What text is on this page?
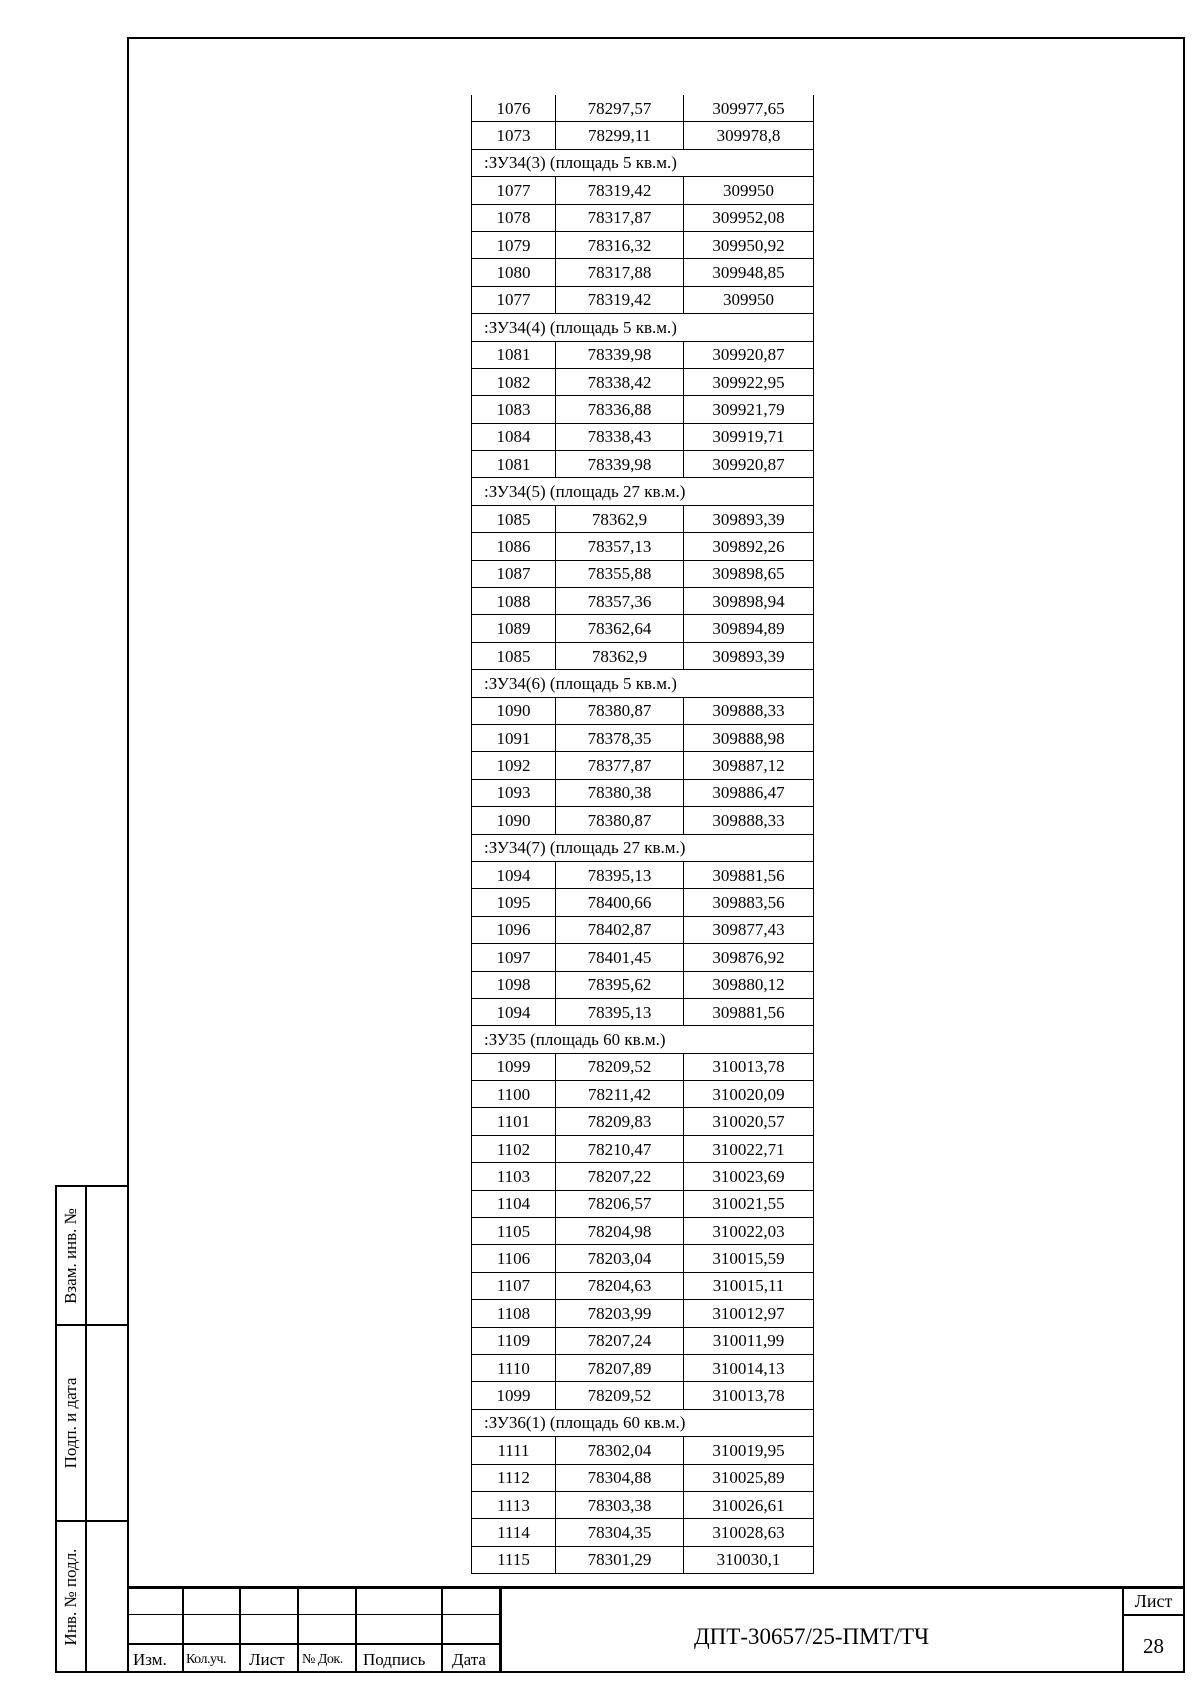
1076	78297,57	309977,65
1073	78299,11	309978,8
:ЗУ34(3) (площадь 5 кв.м.)		
1077	78319,42	309950
1078	78317,87	309952,08
1079	78316,32	309950,92
1080	78317,88	309948,85
1077	78319,42	309950
:ЗУ34(4) (площадь 5 кв.м.)		
1081	78339,98	309920,87
1082	78338,42	309922,95
1083	78336,88	309921,79
1084	78338,43	309919,71
1081	78339,98	309920,87
:ЗУ34(5) (площадь 27 кв.м.)		
1085	78362,9	309893,39
1086	78357,13	309892,26
1087	78355,88	309898,65
1088	78357,36	309898,94
1089	78362,64	309894,89
1085	78362,9	309893,39
:ЗУ34(6) (площадь 5 кв.м.)		
1090	78380,87	309888,33
1091	78378,35	309888,98
1092	78377,87	309887,12
1093	78380,38	309886,47
1090	78380,87	309888,33
:ЗУ34(7) (площадь 27 кв.м.)		
1094	78395,13	309881,56
1095	78400,66	309883,56
1096	78402,87	309877,43
1097	78401,45	309876,92
1098	78395,62	309880,12
1094	78395,13	309881,56
:ЗУ35 (площадь 60 кв.м.)		
1099	78209,52	310013,78
1100	78211,42	310020,09
1101	78209,83	310020,57
1102	78210,47	310022,71
1103	78207,22	310023,69
1104	78206,57	310021,55
1105	78204,98	310022,03
1106	78203,04	310015,59
1107	78204,63	310015,11
1108	78203,99	310012,97
1109	78207,24	310011,99
1110	78207,89	310014,13
1099	78209,52	310013,78
:ЗУ36(1) (площадь 60 кв.м.)		
1111	78302,04	310019,95
1112	78304,88	310025,89
1113	78303,38	310026,61
1114	78304,35	310028,63
1115	78301,29	310030,1
Взам. инв. №
Подп. и дата
Инв. № подл.
Изм. Кол.уч. Лист № Док. Подпись Дата
ДПТ-30657/25-ПМТ/ТЧ
Лист
28
